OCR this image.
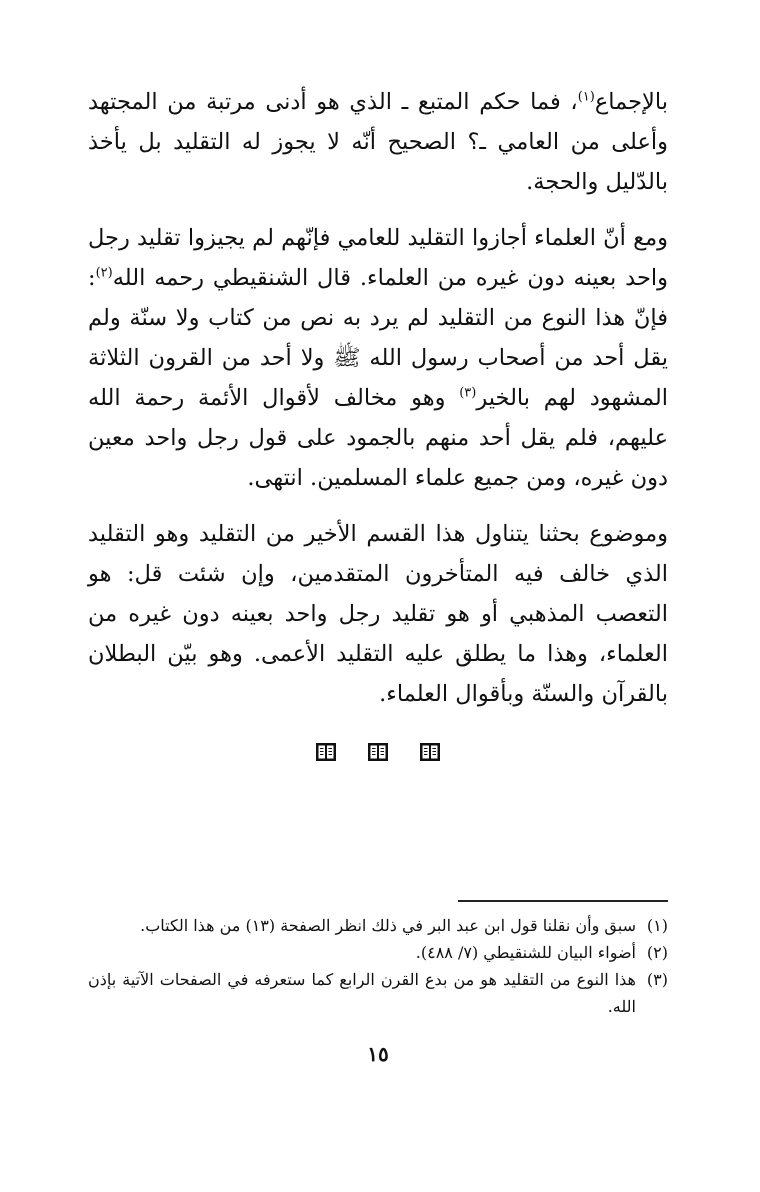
بالإجماع$^{(١)}$، فما حكم المتبع ـ الذي هو أدنى مرتبة من المجتهد وأعلى من العامي ـ؟ الصحيح أنّه لا يجوز له التقليد بل يأخذ بالدّليل والحجة.

ومع أنّ العلماء أجازوا التقليد للعامي فإنّهم لم يجيزوا تقليد رجل واحد بعينه دون غيره من العلماء. قال الشنقيطي رحمه الله$^{(٢)}$: فإنّ هذا النوع من التقليد لم يرد به نص من كتاب ولا سنّة ولم يقل أحد من أصحاب رسول الله ﷺ ولا أحد من القرون الثلاثة المشهود لهم بالخير$^{(٣)}$ وهو مخالف لأقوال الأئمة رحمة الله عليهم، فلم يقل أحد منهم بالجمود على قول رجل واحد معين دون غيره، ومن جميع علماء المسلمين. انتهى.

وموضوع بحثنا يتناول هذا القسم الأخير من التقليد وهو التقليد الذي خالف فيه المتأخرون المتقدمين، وإن شئت قل: هو التعصب المذهبي أو هو تقليد رجل واحد بعينه دون غيره من العلماء، وهذا ما يطلق عليه التقليد الأعمى. وهو بيّن البطلان بالقرآن والسنّة وبأقوال العلماء.

(١)
سبق وأن نقلنا قول ابن عبد البر في ذلك انظر الصفحة (١٣) من هذا الكتاب.
(٢)
أضواء البيان للشنقيطي (٧/ ٤٨٨).
(٣)
هذا النوع من التقليد هو من بدع القرن الرابع كما ستعرفه في الصفحات الآتية بإذن الله.
١٥
